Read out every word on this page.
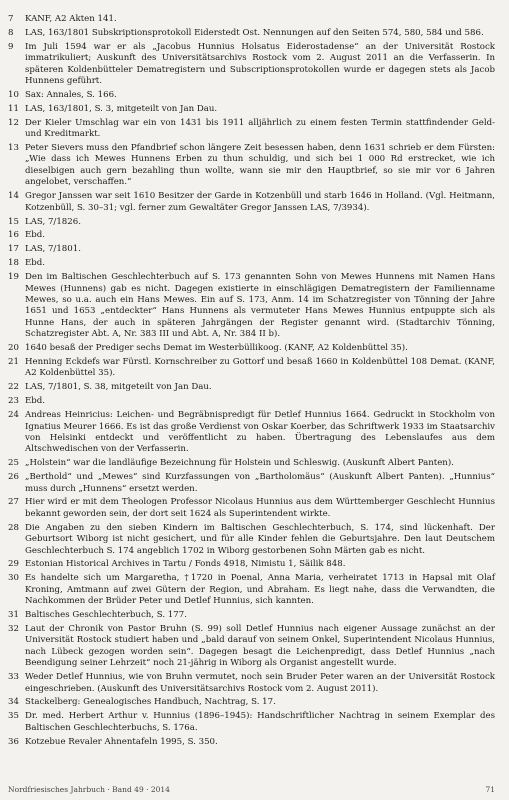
7	KANF, A2 Akten 141.
8	LAS, 163/1801 Subskriptionsprotokoll Eiderstedt Ost. Nennungen auf den Seiten 574, 580, 584 und 586.
9	Im Juli 1594 war er als „Jacobus Hunnius Holsatus Eiderostadense“ an der Universität Rostock immatrikuliert; Auskunft des Universitätsarchivs Rostock vom 2. August 2011 an die Verfasserin. In späteren Koldenbütteler Dematregistern und Subscriptionsprotokollen wurde er dagegen stets als Jacob Hunnens geführt.
10 Sax: Annales, S. 166.
11 LAS, 163/1801, S. 3, mitgeteilt von Jan Dau.
12 Der Kieler Umschlag war ein von 1431 bis 1911 alljährlich zu einem festen Termin stattfindender Geld- und Kreditmarkt.
13 Peter Sievers muss den Pfandbrief schon längere Zeit besessen haben, denn 1631 schrieb er dem Fürsten: „Wie dass ich Mewes Hunnens Erben zu thun schuldig, und sich bei 1 000 Rd erstrecket, wie ich dieselbigen auch gern bezahling thun wollte, wann sie mir den Hauptbrief, so sie mir vor 6 Jahren angelobet, verschaffen.“
14 Gregor Janssen war seit 1610 Besitzer der Garde in Kotzenbüll und starb 1646 in Holland. (Vgl. Heitmann, Kotzenbüll, S. 30–31; vgl. ferner zum Gewaltäter Gregor Janssen LAS, 7/3934).
15 LAS, 7/1826.
16 Ebd.
17 LAS, 7/1801.
18 Ebd.
19 Den im Baltischen Geschlechterbuch auf S. 173 genannten Sohn von Mewes Hunnens mit Namen Hans Mewes (Hunnens) gab es nicht. Dagegen existierte in einschlägigen Dematregistern der Familienname Mewes, so u.a. auch ein Hans Mewes. Ein auf S. 173, Anm. 14 im Schatzregister von Tönning der Jahre 1651 und 1653 „entdeckter“ Hans Hunnens als vermuteter Hans Mewes Hunnius entpuppte sich als Hunne Hans, der auch in späteren Jahrgängen der Register genannt wird. (Stadtarchiv Tönning, Schatzregister Abt. A, Nr. 383 III und Abt. A, Nr. 384 II b).
20 1640 besaß der Prediger sechs Demat im Westerbüllikoog. (KANF, A2 Koldenbüttel 35).
21 Henning Eckdefs war Fürstl. Kornschreiber zu Gottorf und besaß 1660 in Koldenbüttel 108 Demat. (KANF, A2 Koldenbüttel 35).
22 LAS, 7/1801, S. 38, mitgeteilt von Jan Dau.
23 Ebd.
24 Andreas Heinricius: Leichen- und Begräbnispredigt für Detlef Hunnius 1664. Gedruckt in Stockholm von Ignatius Meurer 1666. Es ist das große Verdienst von Oskar Koerber, das Schriftwerk 1933 im Staatsarchiv von Helsinki entdeckt und veröffentlicht zu haben. Übertragung des Lebenslaufes aus dem Altschwedischen von der Verfasserin.
25 „Holstein“ war die landläufige Bezeichnung für Holstein und Schleswig. (Auskunft Albert Panten).
26 „Berthold“ und „Mewes“ sind Kurzfassungen von „Bartholomäus“ (Auskunft Albert Panten). „Hunnius“ muss durch „Hunnens“ ersetzt werden.
27 Hier wird er mit dem Theologen Professor Nicolaus Hunnius aus dem Württemberger Geschlecht Hunnius bekannt geworden sein, der dort seit 1624 als Superintendent wirkte.
28 Die Angaben zu den sieben Kindern im Baltischen Geschlechterbuch, S. 174, sind lückenhaft. Der Geburtsort Wiborg ist nicht gesichert, und für alle Kinder fehlen die Geburtsjahre. Den laut Deutschem Geschlechterbuch S. 174 angeblich 1702 in Wiborg gestorbenen Sohn Märten gab es nicht.
29 Estonian Historical Archives in Tartu / Fonds 4918, Nimistu 1, Säilik 848.
30 Es handelte sich um Margaretha, †1720 in Poenal, Anna Maria, verheiratet 1713 in Hapsal mit Olaf Kroning, Amtmann auf zwei Gütern der Region, und Abraham. Es liegt nahe, dass die Verwandten, die Nachkommen der Brüder Peter und Detlef Hunnius, sich kannten.
31 Baltisches Geschlechterbuch, S. 177.
32 Laut der Chronik von Pastor Bruhn (S. 99) soll Detlef Hunnius nach eigener Aussage zunächst an der Universität Rostock studiert haben und „bald darauf von seinem Onkel, Superintendent Nicolaus Hunnius, nach Lübeck gezogen worden sein“. Dagegen besagt die Leichenpredigt, dass Detlef Hunnius „nach Beendigung seiner Lehrzeit“ noch 21-jährig in Wiborg als Organist angestellt wurde.
33 Weder Detlef Hunnius, wie von Bruhn vermutet, noch sein Bruder Peter waren an der Universität Rostock eingeschrieben. (Auskunft des Universitätsarchivs Rostock vom 2. August 2011).
34 Stackelberg: Genealogisches Handbuch, Nachtrag, S. 17.
35 Dr. med. Herbert Arthur v. Hunnius (1896–1945): Handschriftlicher Nachtrag in seinem Exemplar des Baltischen Geschlechterbuchs, S. 176a.
36 Kotzebue Revaler Ahnentafeln 1995, S. 350.
Nordfriesisches Jahrbuch · Band 49 · 2014	71
